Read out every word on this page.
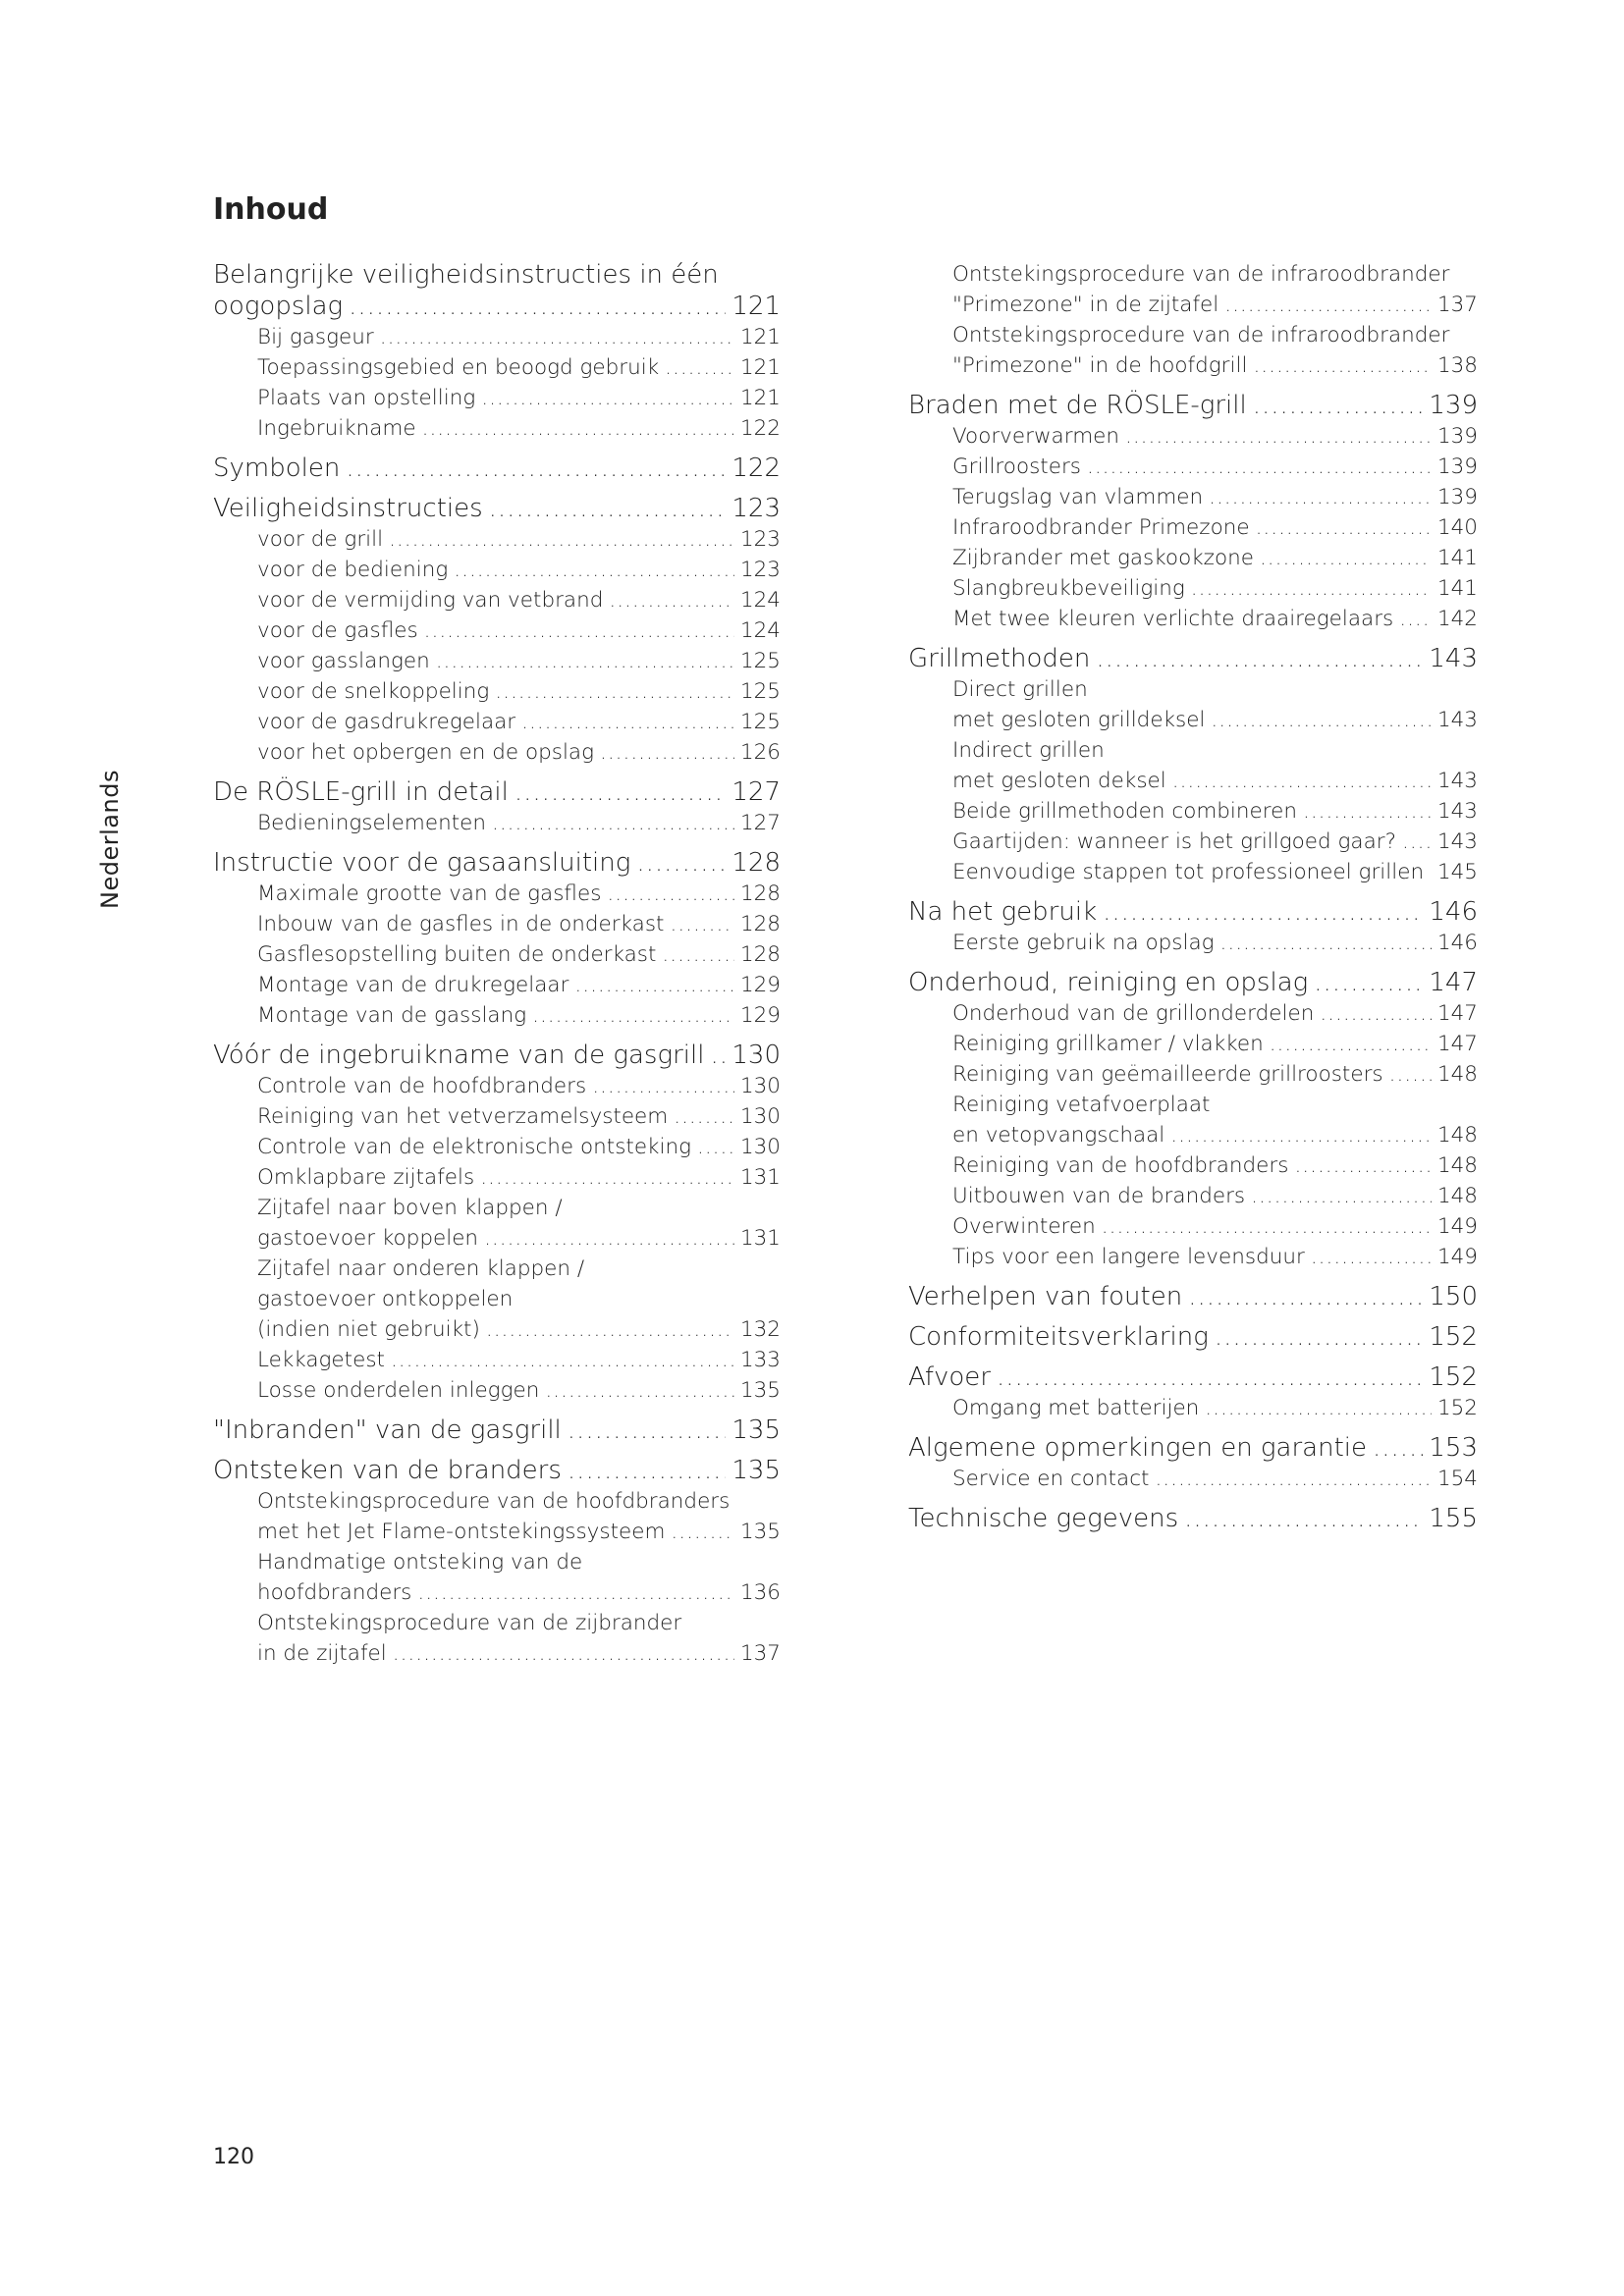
Inhoud
Nederlands
Belangrijke veiligheidsinstructies in één
oogopslag .....	121
Bij gasgeur .....	121
Toepassingsgebied en beoogd gebruik .....	121
Plaats van opstelling .....	121
Ingebruikname .....	122
Symbolen .....	122
Veiligheidsinstructies .....	123
voor de grill .....	123
voor de bediening .....	123
voor de vermijding van vetbrand .....	124
voor de gasfles .....	124
voor gasslangen .....	125
voor de snelkoppeling .....	125
voor de gasdrukregelaar .....	125
voor het opbergen en de opslag .....	126
De RÖSLE-grill in detail .....	127
Bedieningselementen .....	127
Instructie voor de gasaansluiting .....	128
Maximale grootte van de gasfles .....	128
Inbouw van de gasfles in de onderkast .....	128
Gasflesopstelling buiten de onderkast .....	128
Montage van de drukregelaar .....	129
Montage van de gasslang .....	129
Vóór de ingebruikname van de gasgrill ..... 130
Controle van de hoofdbranders .....	130
Reiniging van het vetverzamelsysteem .....	130
Controle van de elektronische ontsteking ..... 130
Omklapbare zijtafels .....	131
Zijtafel naar boven klappen /
gastoevoer koppelen .....	131
Zijtafel naar onderen klappen /
gastoevoer ontkoppelen
(indien niet gebruikt) .....	132
Lekkagetest .....	133
Losse onderdelen inleggen .....	135
"Inbranden" van de gasgrill .....	135
Ontsteken van de branders .....	135
Ontstekingsprocedure van de hoofdbranders
met het Jet Flame-ontstekingssysteem .....	135
Handmatige ontsteking van de
hoofdbranders .....	136
Ontstekingsprocedure van de zijbrander
in de zijtafel .....	137
Ontstekingsprocedure van de infraroodbrander
"Primezone" in de zijtafel .....	137
Ontstekingsprocedure van de infraroodbrander
"Primezone" in de hoofdgrill .....	138
Braden met de RÖSLE-grill .....	139
Voorverwarmen .....	139
Grillroosters .....	139
Terugslag van vlammen .....	139
Infraroodbrander Primezone .....	140
Zijbrander met gaskookzone .....	141
Slangbreukbeveiliging .....	141
Met twee kleuren verlichte draairegelaars ..... 142
Grillmethoden .....	143
Direct grillen
met gesloten grilldeksel .....	143
Indirect grillen
met gesloten deksel .....	143
Beide grillmethoden combineren .....	143
Gaartijden: wanneer is het grillgoed gaar? ..... 143
Eenvoudige stappen tot professioneel grillen ..... 145
Na het gebruik .....	146
Eerste gebruik na opslag .....	146
Onderhoud, reiniging en opslag .....	147
Onderhoud van de grillonderdelen .....	147
Reiniging grillkamer / vlakken .....	147
Reiniging van geëmailleerde grillroosters .....	148
Reiniging vetafvoerplaat
en vetopvangschaal .....	148
Reiniging van de hoofdbranders .....	148
Uitbouwen van de branders .....	148
Overwinteren .....	149
Tips voor een langere levensduur .....	149
Verhelpen van fouten .....	150
Conformiteitsverklaring .....	152
Afvoer .....	152
Omgang met batterijen .....	152
Algemene opmerkingen en garantie ..... 153
Service en contact .....	154
Technische gegevens .....	155
120
